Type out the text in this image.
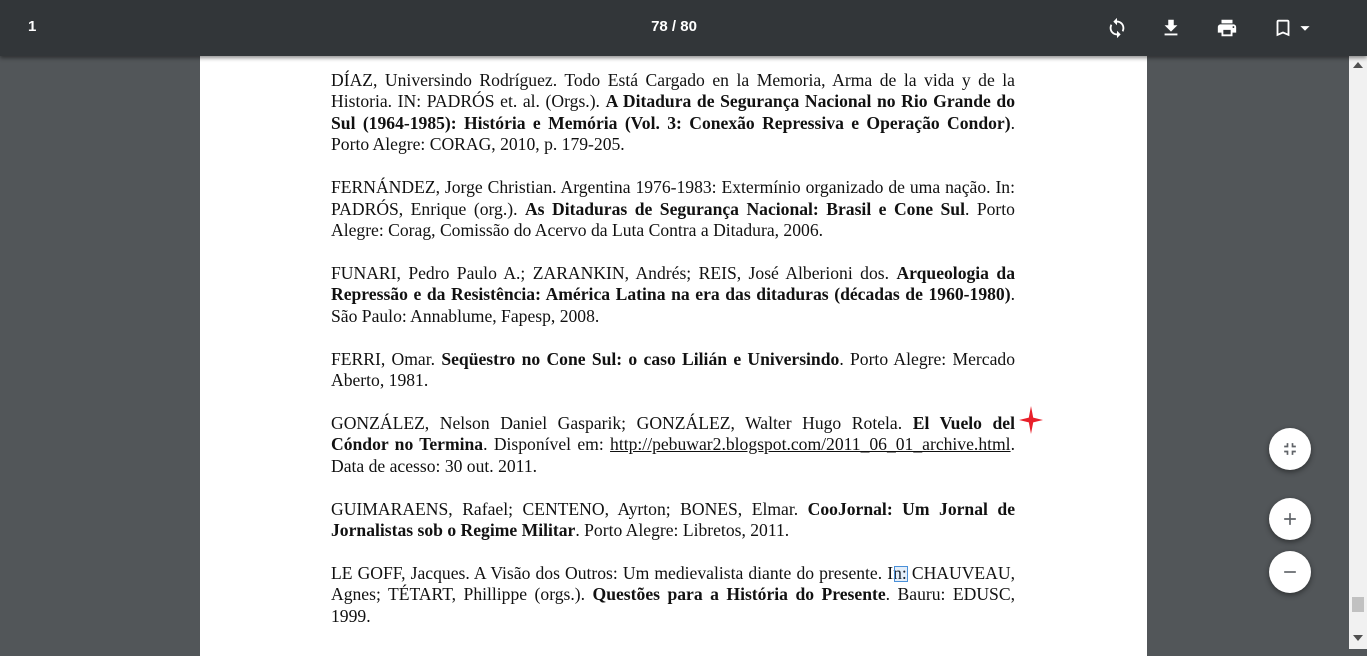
1	78 / 80

DÍAZ, Universindo Rodríguez. Todo Está Cargado en la Memoria, Arma de la vida y de la Historia. IN: PADRÓS et. al. (Orgs.). A Ditadura de Segurança Nacional no Rio Grande do Sul (1964-1985): História e Memória (Vol. 3: Conexão Repressiva e Operação Condor). Porto Alegre: CORAG, 2010, p. 179-205.

FERNÁNDEZ, Jorge Christian. Argentina 1976-1983: Extermínio organizado de uma nação. In: PADRÓS, Enrique (org.). As Ditaduras de Segurança Nacional: Brasil e Cone Sul. Porto Alegre: Corag, Comissão do Acervo da Luta Contra a Ditadura, 2006.

FUNARI, Pedro Paulo A.; ZARANKIN, Andrés; REIS, José Alberioni dos. Arqueologia da Repressão e da Resistência: América Latina na era das ditaduras (décadas de 1960-1980). São Paulo: Annablume, Fapesp, 2008.

FERRI, Omar. Seqüestro no Cone Sul: o caso Lilián e Universindo. Porto Alegre: Mercado Aberto, 1981.

GONZÁLEZ, Nelson Daniel Gasparik; GONZÁLEZ, Walter Hugo Rotela. El Vuelo del Cóndor no Termina. Disponível em: http://pebuwar2.blogspot.com/2011_06_01_archive.html. Data de acesso: 30 out. 2011.

GUIMARAENS, Rafael; CENTENO, Ayrton; BONES, Elmar. CooJornal: Um Jornal de Jornalistas sob o Regime Militar. Porto Alegre: Libretos, 2011.

LE GOFF, Jacques. A Visão dos Outros: Um medievalista diante do presente. In: CHAUVEAU, Agnes; TÉTART, Phillippe (orgs.). Questões para a História do Presente. Bauru: EDUSC, 1999.
